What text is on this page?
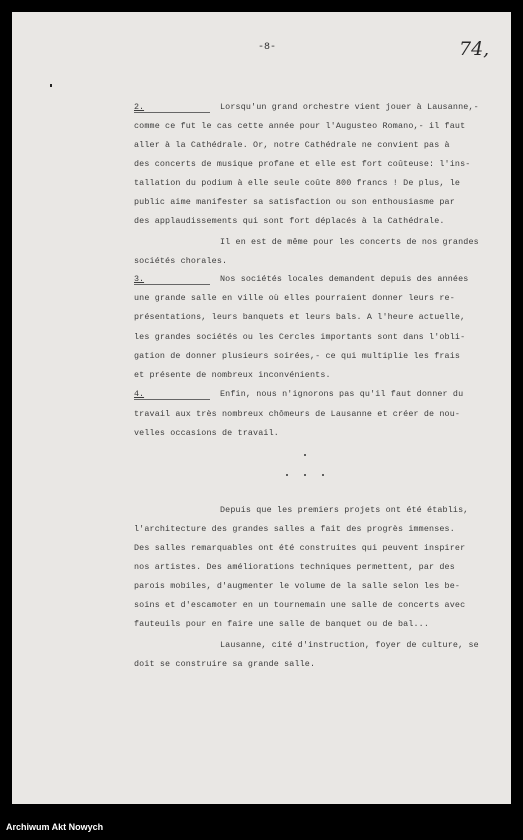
-8-	74,
2.	Lorsqu'un grand orchestre vient jouer à Lausanne,-
comme ce fut le cas cette année pour l'Augusteo Romano,- il faut
aller à la Cathédrale. Or, notre Cathédrale ne convient pas à
des concerts de musique profane et elle est fort coûteuse: l'ins-
tallation du podium à elle seule coûte 800 francs ! De plus, le
public aime manifester sa satisfaction ou son enthousiasme par
des applaudissements qui sont fort déplacés à la Cathédrale.
Il en est de même pour les concerts de nos grandes
sociétés chorales.
3.	Nos sociétés locales demandent depuis des années
une grande salle en ville où elles pourraient donner leurs re-
présentations, leurs banquets et leurs bals. A l'heure actuelle,
les grandes sociétés ou les Cercles importants sont dans l'obli-
gation de donner plusieurs soirées,- ce qui multiplie les frais
et présente de nombreux inconvénients.
4.	Enfin, nous n'ignorons pas qu'il faut donner du
travail aux très nombreux chômeurs de Lausanne et créer de nou-
velles occasions de travail.
Depuis que les premiers projets ont été établis,
l'architecture des grandes salles a fait des progrès immenses.
Des salles remarquables ont été construites qui peuvent inspirer
nos artistes. Des améliorations techniques permettent, par des
parois mobiles, d'augmenter le volume de la salle selon les be-
soins et d'escamoter en un tournemain une salle de concerts avec
fauteuils pour en faire une salle de banquet ou de bal...
Lausanne, cité d'instruction, foyer de culture, se
doit se construire sa grande salle.
Archiwum Akt Nowych
